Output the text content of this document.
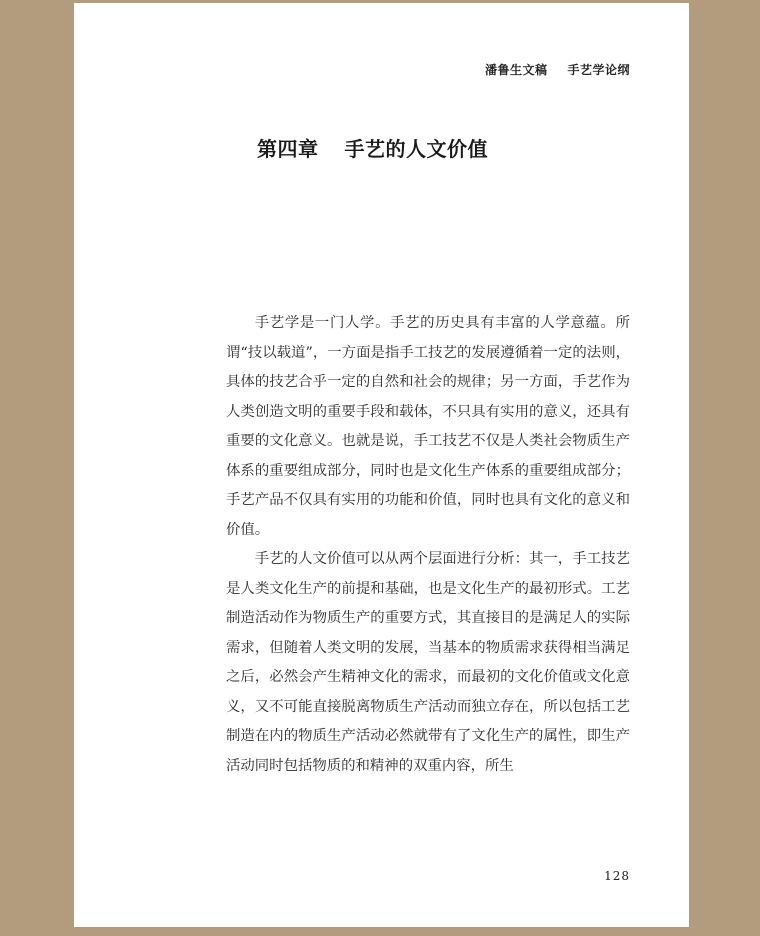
潘鲁生文稿 手艺学论纲
第四章 手艺的人文价值

手艺学是一门人学。手艺的历史具有丰富的人学意蕴。所谓“技以载道”，一方面是指手工技艺的发展遵循着一定的法则，具体的技艺合乎一定的自然和社会的规律；另一方面，手艺作为人类创造文明的重要手段和载体，不只具有实用的意义，还具有重要的文化意义。也就是说，手工技艺不仅是人类社会物质生产体系的重要组成部分，同时也是文化生产体系的重要组成部分；手艺产品不仅具有实用的功能和价值，同时也具有文化的意义和价值。

手艺的人文价值可以从两个层面进行分析：其一，手工技艺是人类文化生产的前提和基础，也是文化生产的最初形式。工艺制造活动作为物质生产的重要方式，其直接目的是满足人的实际需求，但随着人类文明的发展，当基本的物质需求获得相当满足之后，必然会产生精神文化的需求，而最初的文化价值或文化意义，又不可能直接脱离物质生产活动而独立存在，所以包括工艺制造在内的物质生产活动必然就带有了文化生产的属性，即生产活动同时包括物质的和精神的双重内容，所生

128
